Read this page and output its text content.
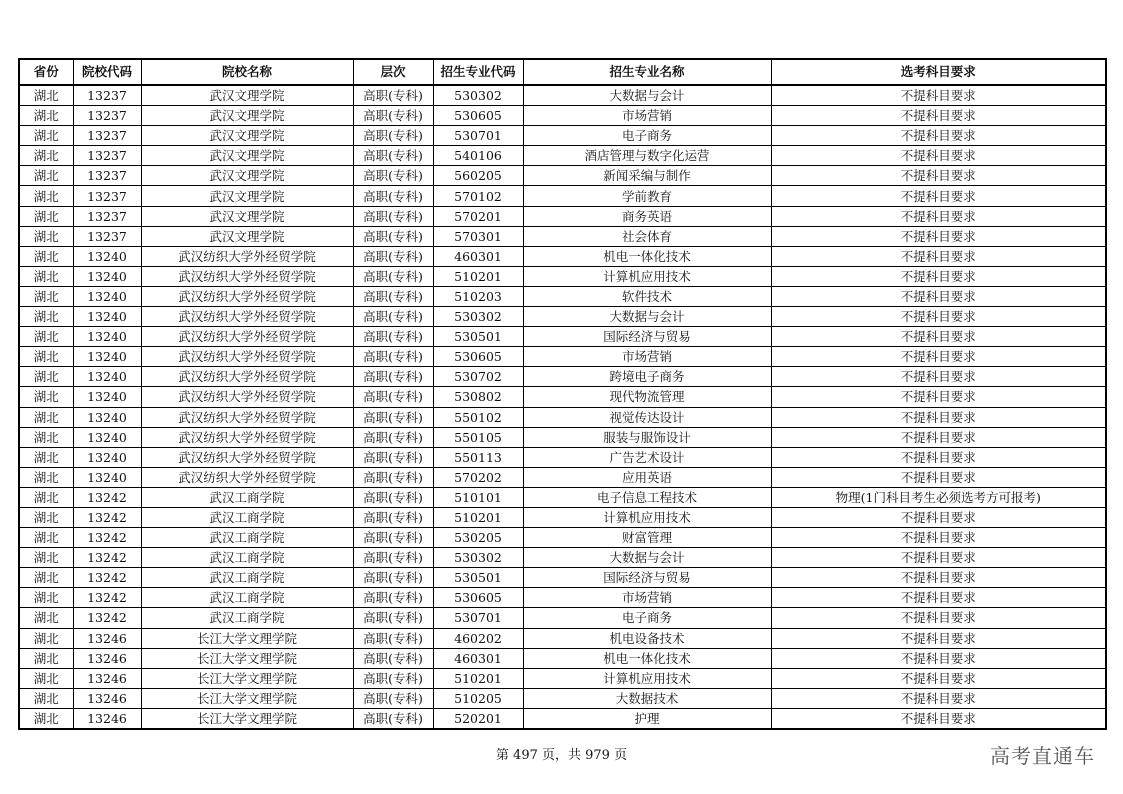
省份	院校代码	院校名称	层次	招生专业代码	招生专业名称	选考科目要求
湖北	13237	武汉文理学院	高职(专科)	530302	大数据与会计	不提科目要求
湖北	13237	武汉文理学院	高职(专科)	530605	市场营销	不提科目要求
湖北	13237	武汉文理学院	高职(专科)	530701	电子商务	不提科目要求
湖北	13237	武汉文理学院	高职(专科)	540106	酒店管理与数字化运营	不提科目要求
湖北	13237	武汉文理学院	高职(专科)	560205	新闻采编与制作	不提科目要求
湖北	13237	武汉文理学院	高职(专科)	570102	学前教育	不提科目要求
湖北	13237	武汉文理学院	高职(专科)	570201	商务英语	不提科目要求
湖北	13237	武汉文理学院	高职(专科)	570301	社会体育	不提科目要求
湖北	13240	武汉纺织大学外经贸学院	高职(专科)	460301	机电一体化技术	不提科目要求
湖北	13240	武汉纺织大学外经贸学院	高职(专科)	510201	计算机应用技术	不提科目要求
湖北	13240	武汉纺织大学外经贸学院	高职(专科)	510203	软件技术	不提科目要求
湖北	13240	武汉纺织大学外经贸学院	高职(专科)	530302	大数据与会计	不提科目要求
湖北	13240	武汉纺织大学外经贸学院	高职(专科)	530501	国际经济与贸易	不提科目要求
湖北	13240	武汉纺织大学外经贸学院	高职(专科)	530605	市场营销	不提科目要求
湖北	13240	武汉纺织大学外经贸学院	高职(专科)	530702	跨境电子商务	不提科目要求
湖北	13240	武汉纺织大学外经贸学院	高职(专科)	530802	现代物流管理	不提科目要求
湖北	13240	武汉纺织大学外经贸学院	高职(专科)	550102	视觉传达设计	不提科目要求
湖北	13240	武汉纺织大学外经贸学院	高职(专科)	550105	服装与服饰设计	不提科目要求
湖北	13240	武汉纺织大学外经贸学院	高职(专科)	550113	广告艺术设计	不提科目要求
湖北	13240	武汉纺织大学外经贸学院	高职(专科)	570202	应用英语	不提科目要求
湖北	13242	武汉工商学院	高职(专科)	510101	电子信息工程技术	物理(1门科目考生必须选考方可报考)
湖北	13242	武汉工商学院	高职(专科)	510201	计算机应用技术	不提科目要求
湖北	13242	武汉工商学院	高职(专科)	530205	财富管理	不提科目要求
湖北	13242	武汉工商学院	高职(专科)	530302	大数据与会计	不提科目要求
湖北	13242	武汉工商学院	高职(专科)	530501	国际经济与贸易	不提科目要求
湖北	13242	武汉工商学院	高职(专科)	530605	市场营销	不提科目要求
湖北	13242	武汉工商学院	高职(专科)	530701	电子商务	不提科目要求
湖北	13246	长江大学文理学院	高职(专科)	460202	机电设备技术	不提科目要求
湖北	13246	长江大学文理学院	高职(专科)	460301	机电一体化技术	不提科目要求
湖北	13246	长江大学文理学院	高职(专科)	510201	计算机应用技术	不提科目要求
湖北	13246	长江大学文理学院	高职(专科)	510205	大数据技术	不提科目要求
湖北	13246	长江大学文理学院	高职(专科)	520201	护理	不提科目要求
第 497 页，共 979 页	高考直通车
